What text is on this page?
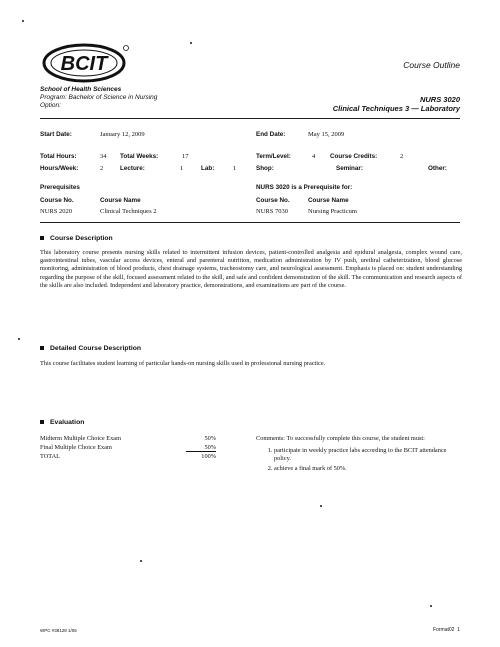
BCIT	Course Outline
School of Health Sciences
Program: Bachelor of Science in Nursing
Option:
NURS 3020
Clinical Techniques 3 — Laboratory
Start Date:	January 12, 2009	End Date:	May 15, 2009
Total Hours:	34 Total Weeks:	17	Term/Level:	4 Course Credits:	2
Hours/Week:	2	Lecture:	1	Lab:	1	Shop:	Seminar:	Other:
Prerequisites
Course No.	Course Name
NURS 2020	Clinical Techniques 2
NURS 3020 is a Prerequisite for:
Course No.	Course Name
NURS 7030	Nursing Practicum
Course Description
This laboratory course presents nursing skills related to intermittent infusion devices, patient-controlled analgesia and epidural analgesia, complex wound care, gastrointestinal tubes, vascular access devices, enteral and parenteral nutrition, medication administration by IV push, urethral catheterization, blood glucose monitoring, administration of blood products, chest drainage systems, tracheostomy care, and neurological assessment. Emphasis is placed on: student understanding regarding the purpose of the skill, focused assessment related to the skill, and safe and confident demonstration of the skill. The communication and research aspects of the skills are also included. Independent and laboratory practice, demonstrations, and examinations are part of the course.
Detailed Course Description
This course facilitates student learning of particular hands-on nursing skills used in professional nursing practice.
Evaluation
Midterm Multiple Choice Exam	50%
Final Multiple Choice Exam	50%
TOTAL	100%
Comments: To successfully complete this course, the student must:
1. participate in weekly practice labs according to the BCIT attendance policy.
2. achieve a final mark of 50%.
WPC #38128 1/06	Format02 1
